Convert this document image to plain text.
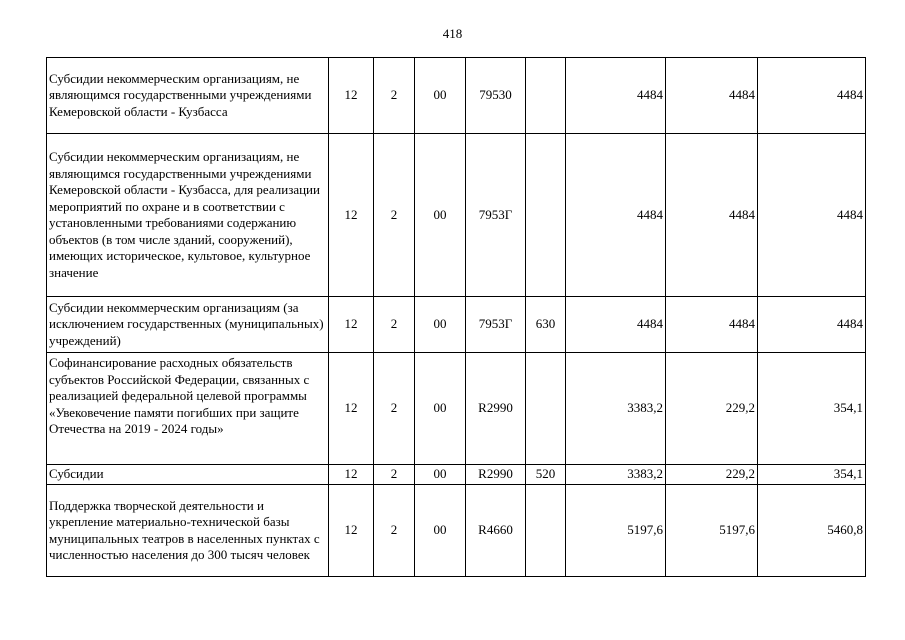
418
Субсидии некоммерческим организациям, не являющимся государственными учреждениями Кемеровской области - Кузбасса	12	2	00	79530		4484	4484	4484
Субсидии некоммерческим организациям, не являющимся государственными учреждениями Кемеровской области - Кузбасса, для реализации мероприятий по охране и в соответствии с установленными требованиями содержанию объектов (в том числе зданий, сооружений), имеющих историческое, культовое, культурное значение	12	2	00	7953Г		4484	4484	4484
Субсидии некоммерческим организациям (за исключением государственных (муниципальных) учреждений)	12	2	00	7953Г	630	4484	4484	4484
Софинансирование расходных обязательств субъектов Российской Федерации, связанных с реализацией федеральной целевой программы «Увековечение памяти погибших при защите Отечества на 2019 - 2024 годы»	12	2	00	R2990		3383,2	229,2	354,1
Субсидии	12	2	00	R2990	520	3383,2	229,2	354,1
Поддержка творческой деятельности и укрепление материально-технической базы муниципальных театров в населенных пунктах с численностью населения до 300 тысяч человек	12	2	00	R4660		5197,6	5197,6	5460,8
